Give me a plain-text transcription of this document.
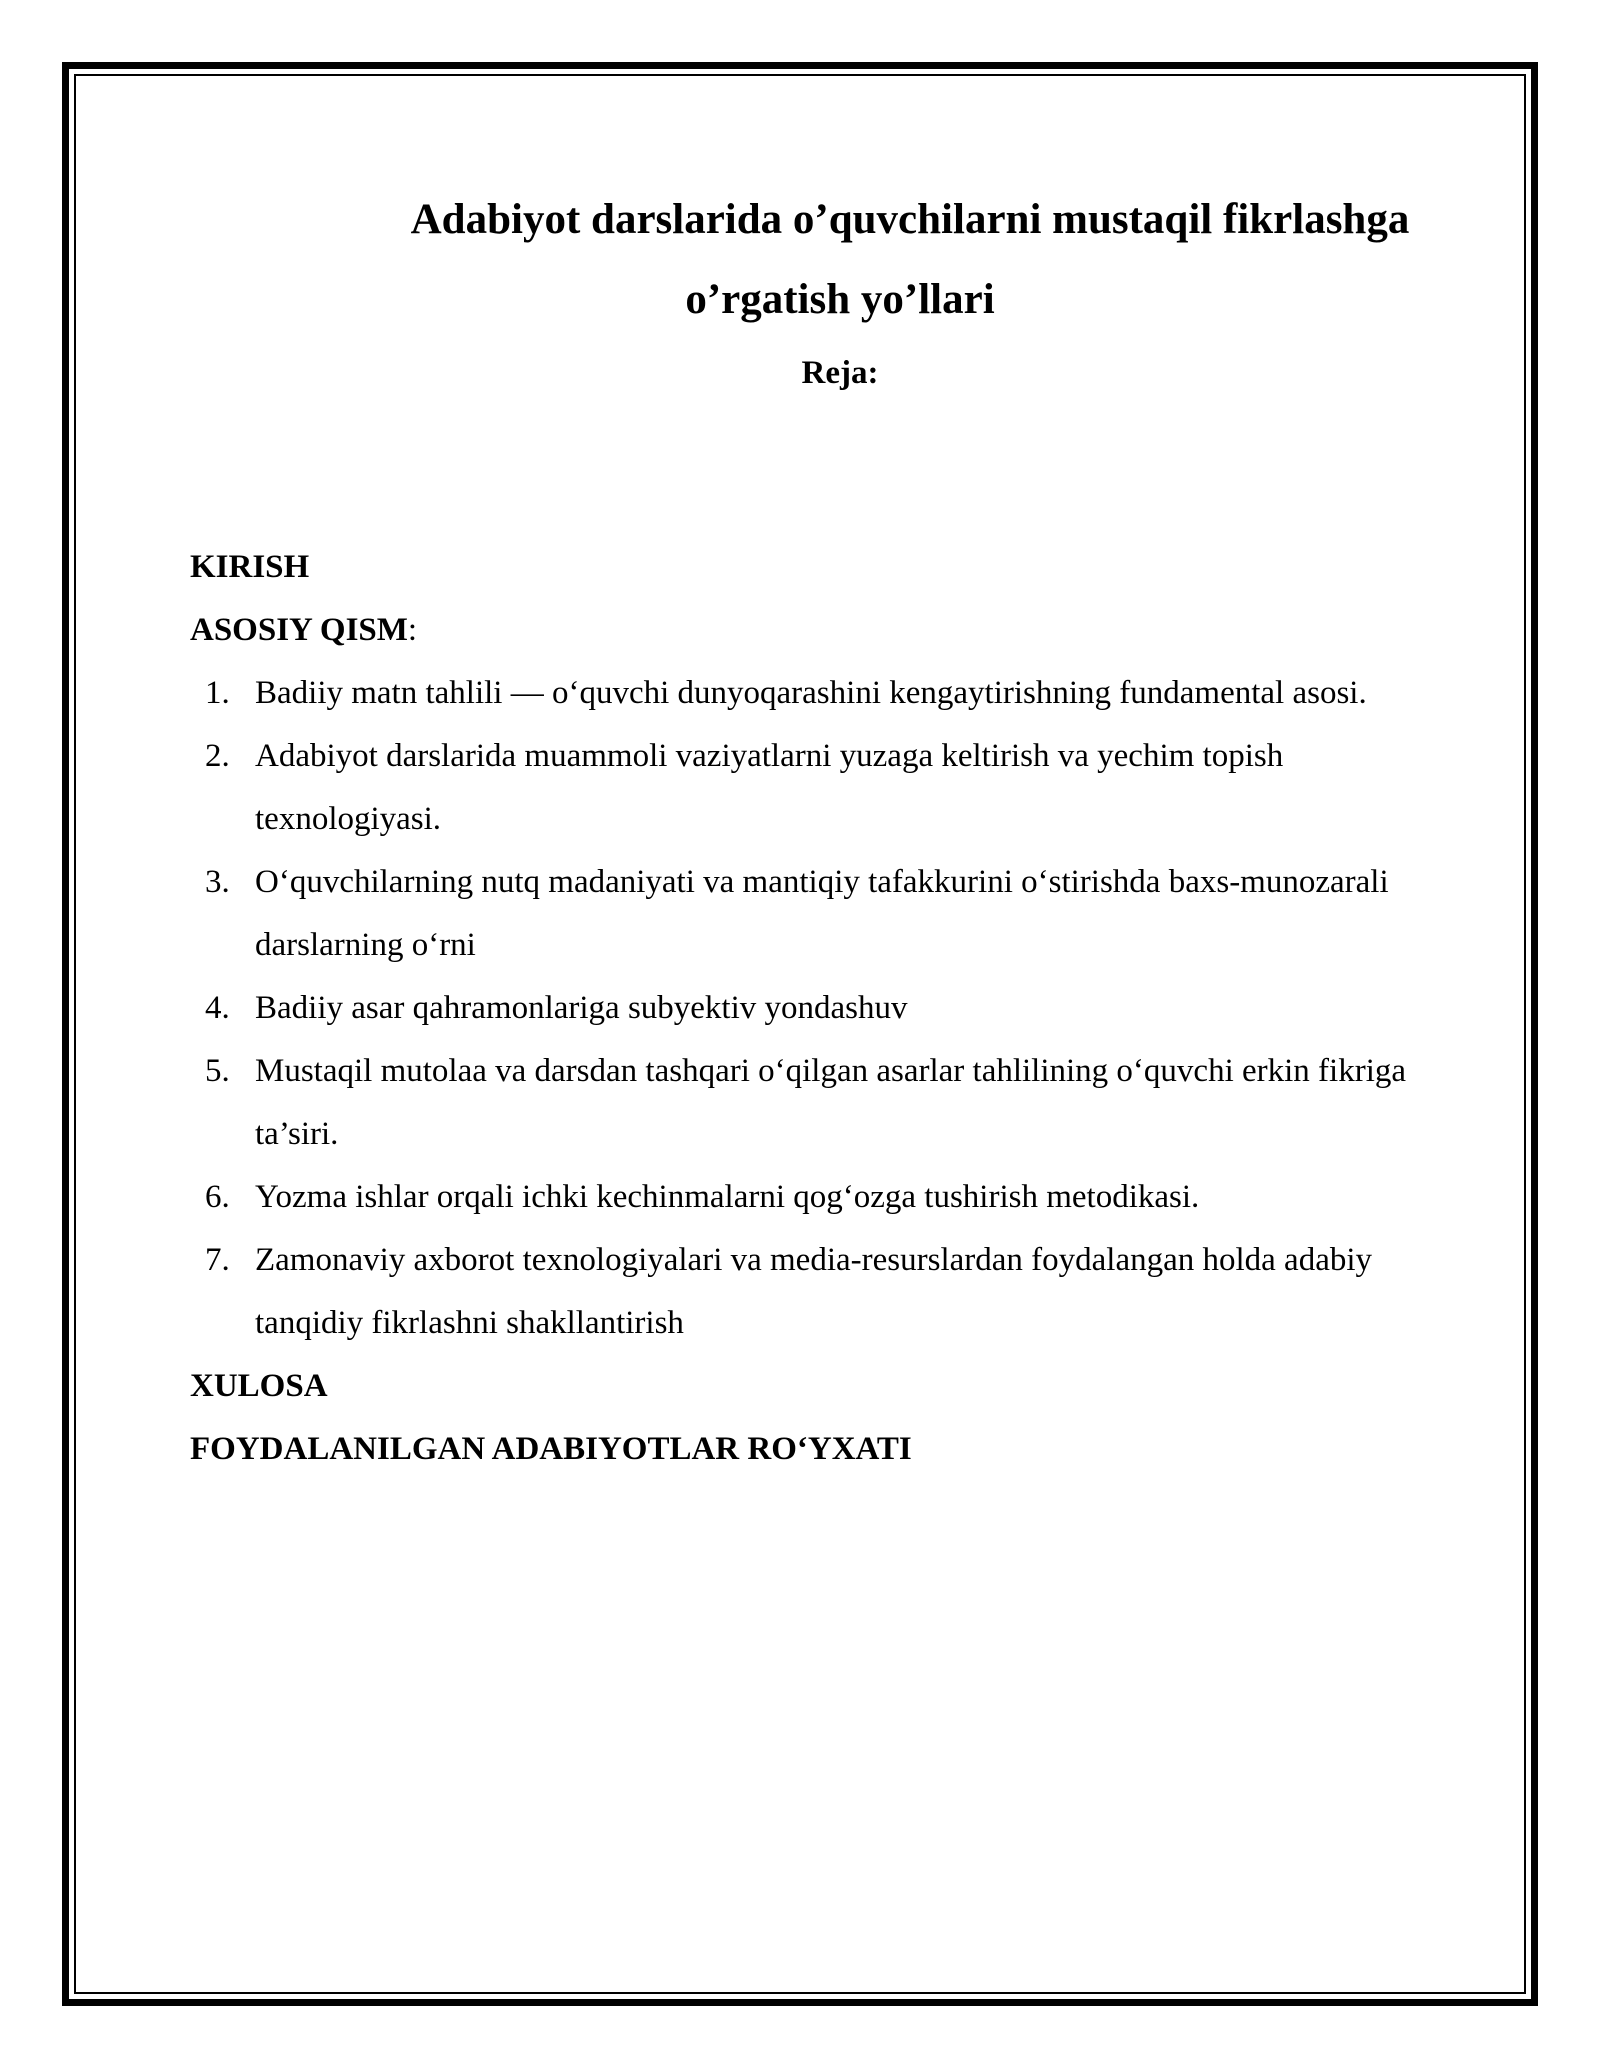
Adabiyot darslarida o’quvchilarni mustaqil fikrlashga
o’rgatish yo’llari
Reja:
KIRISH
ASOSIY QISM:
1. Badiiy matn tahlili — o‘quvchi dunyoqarashini kengaytirishning fundamental asosi.
2. Adabiyot darslarida muammoli vaziyatlarni yuzaga keltirish va yechim topish texnologiyasi.
3. O‘quvchilarning nutq madaniyati va mantiqiy tafakkurini o‘stirishda baxs-munozarali darslarning o‘rni
4. Badiiy asar qahramonlariga subyektiv yondashuv
5. Mustaqil mutolaa va darsdan tashqari o‘qilgan asarlar tahlilining o‘quvchi erkin fikriga ta’siri.
6. Yozma ishlar orqali ichki kechinmalarni qog‘ozga tushirish metodikasi.
7. Zamonaviy axborot texnologiyalari va media-resurslardan foydalangan holda adabiy tanqidiy fikrlashni shakllantirish
XULOSA
FOYDALANILGAN ADABIYOTLAR RO‘YXATI
